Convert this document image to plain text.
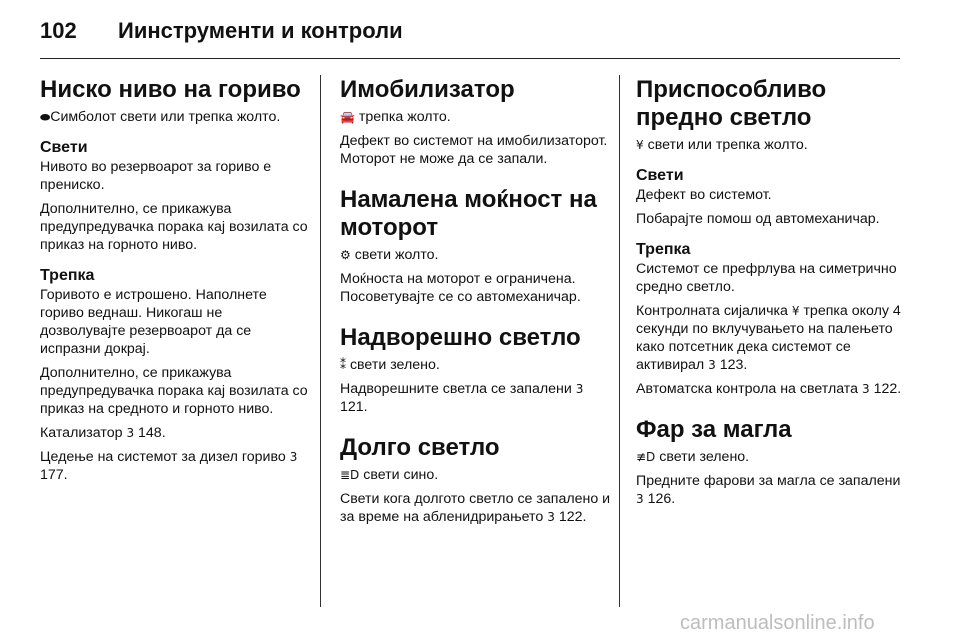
102 Иинструменти и контроли
Ниско ниво на гориво
⬬Симболот свети или трепка жолто.
Свети
Нивото во резервоарот за гориво е прениско.
Дополнително, се прикажува предупредувачка порака кај возилата со приказ на горното ниво.
Трепка
Горивото е истрошено. Наполнете гориво веднаш. Никогаш не дозволувајте резервоарот да се испразни докрај.
Дополнително, се прикажува предупредувачка порака кај возилата со приказ на средното и горното ниво.
Катализатор 3 148.
Цедење на системот за дизел гориво 3 177.
Имобилизатор
🚘 трепка жолто.
Дефект во системот на имобилизаторот. Моторот не може да се запали.
Намалена моќност на моторот
⚙ свети жолто.
Моќноста на моторот е ограничена. Посоветувајте се со автомеханичар.
Надворешно светло
⁑ свети зелено.
Надворешните светла се запалени 3 121.
Долго светло
≣D свети сино.
Свети кога долгото светло се запалено и за време на абленидрирањето 3 122.
Приспособливо предно светло
¥ свети или трепка жолто.
Свети
Дефект во системот.
Побарајте помош од автомеханичар.
Трепка
Системот се префрлува на симетрично средно светло.
Контролната сијаличка ¥ трепка околу 4 секунди по вклучувањето на палењето како потсетник дека системот се активирал 3 123.
Автоматска контрола на светлата 3 122.
Фар за магла
≢D свети зелено.
Предните фарови за магла се запалени 3 126.
carmanualsonline.info
